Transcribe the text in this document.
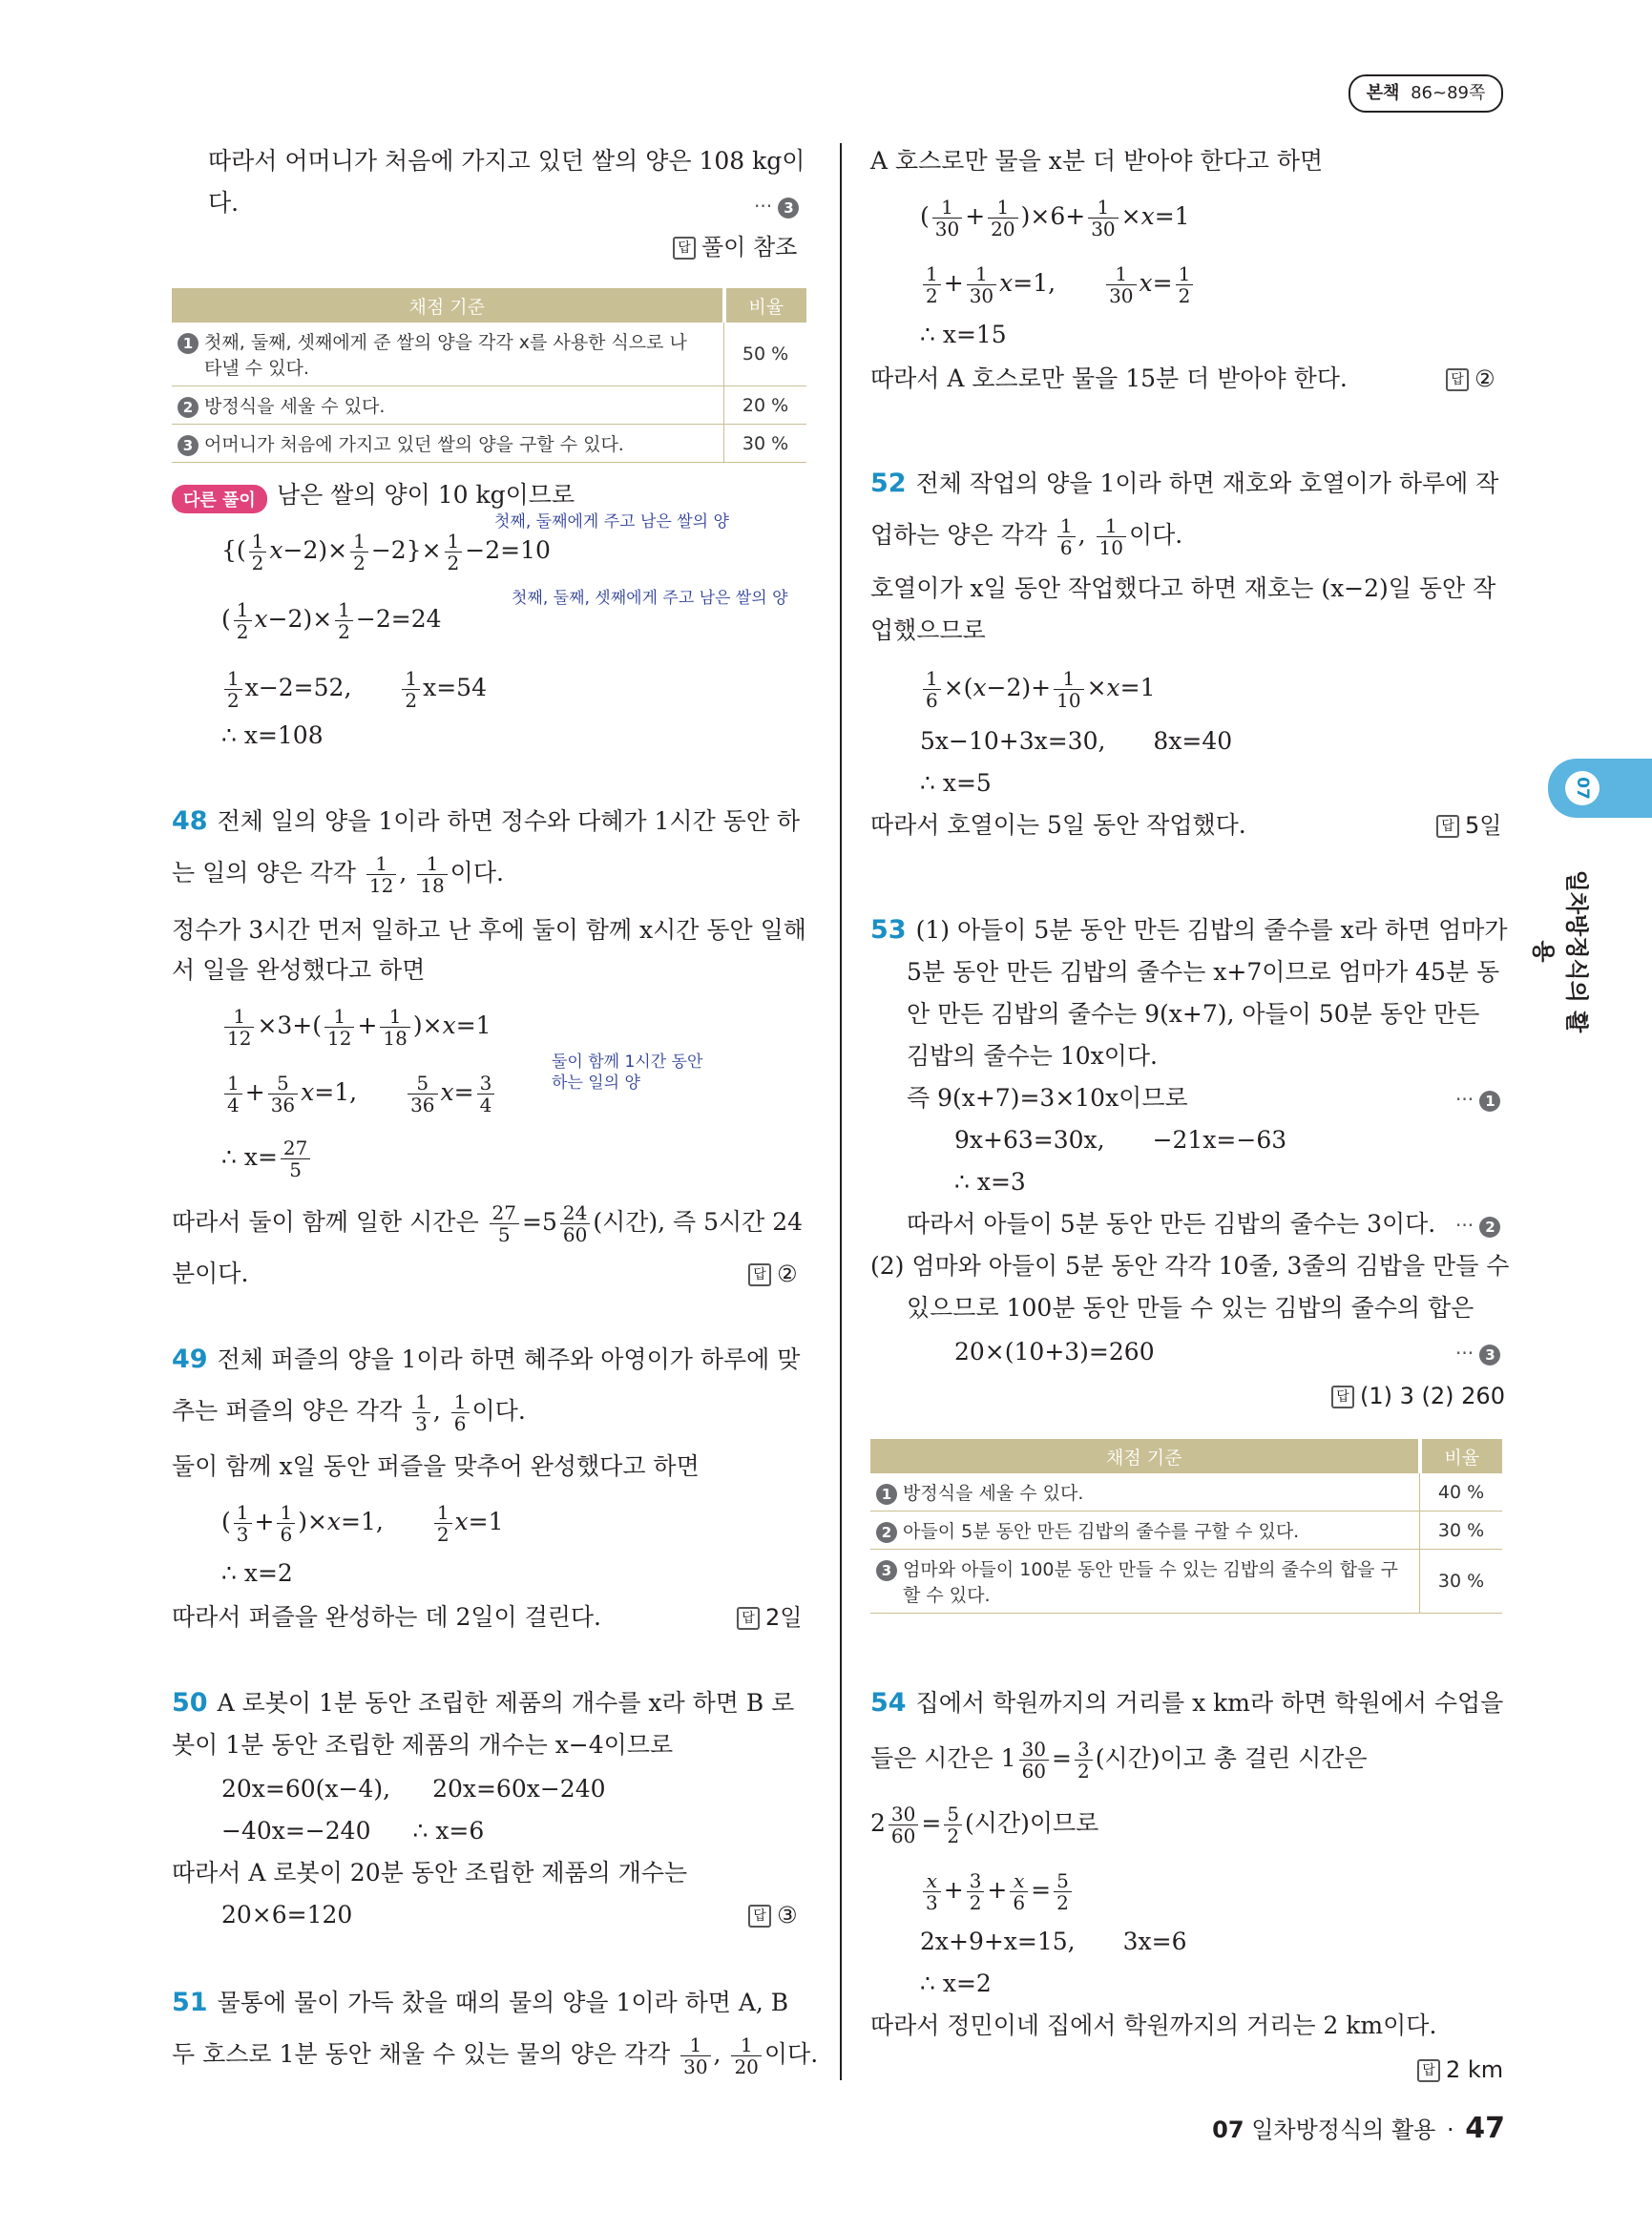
본책 86~89쪽
07
일차방정식의 활용
따라서 어머니가 처음에 가지고 있던 쌀의 양은 108 kg이
다.	··· 3
답 풀이 참조
채점 기준	비율
1 첫째, 둘째, 셋째에게 준 쌀의 양을 각각 x를 사용한 식으로 나
타낼 수 있다.	50 %
2 방정식을 세울 수 있다.	20 %
3 어머니가 처음에 가지고 있던 쌀의 양을 구할 수 있다.	30 %
다른 풀이 남은 쌀의 양이 10 kg이므로
첫째, 둘째에게 주고 남은 쌀의 양
{( $\frac{1}{2} x-2)\times \frac{1}{2} -2\}\times \frac{1}{2} -2=10$
첫째, 둘째, 셋째에게 주고 남은 쌀의 양
( $\frac{1}{2} x-2)\times \frac{1}{2} -2=24$
$\frac{1}{2} x-2=52$,	$\frac{1}{2} x=54$
∴ x=108
48 전체 일의 양을 1이라 하면 정수와 다혜가 1시간 동안 하
는 일의 양은 각각 $\frac{1}{12}$ , $\frac{1}{18}$ 이다.
정수가 3시간 먼저 일하고 난 후에 둘이 함께 x시간 동안 일해
서 일을 완성했다고 하면
$\frac{1}{12} \times 3+( \frac{1}{12} + \frac{1}{18} )\times x=1$
둘이 함께 1시간 동안
하는 일의 양
$\frac{1}{4} + \frac{5}{36} x=1$,	$\frac{5}{36} x= \frac{3}{4}$
∴ $x= \frac{27}{5}$
따라서 둘이 함께 일한 시간은 $\frac{27}{5} =5 \frac{24}{60}$ (시간), 즉 5시간 24
분이다.	답 ②
49 전체 퍼즐의 양을 1이라 하면 혜주와 아영이가 하루에 맞
추는 퍼즐의 양은 각각 $\frac{1}{3}$ , $\frac{1}{6}$ 이다.
둘이 함께 x일 동안 퍼즐을 맞추어 완성했다고 하면
( $\frac{1}{3} + \frac{1}{6} )\times x=1$,	$\frac{1}{2} x=1$
∴ x=2
따라서 퍼즐을 완성하는 데 2일이 걸린다.	답 2일
50 A 로봇이 1분 동안 조립한 제품의 개수를 x라 하면 B 로
봇이 1분 동안 조립한 제품의 개수는 x−4이므로
20x=60(x−4), 20x=60x−240
−40x=−240 ∴ x=6
따라서 A 로봇이 20분 동안 조립한 제품의 개수는
20×6=120	답 ③
51 물통에 물이 가득 찼을 때의 물의 양을 1이라 하면 A, B
두 호스로 1분 동안 채울 수 있는 물의 양은 각각 $\frac{1}{30}$ , $\frac{1}{20}$ 이다.
A 호스로만 물을 x분 더 받아야 한다고 하면
( $\frac{1}{30} + \frac{1}{20} )\times 6+ \frac{1}{30} \times x=1$
$\frac{1}{2} + \frac{1}{30} x=1$,	$\frac{1}{30} x= \frac{1}{2}$
∴ x=15
따라서 A 호스로만 물을 15분 더 받아야 한다.	답 ②
52 전체 작업의 양을 1이라 하면 재호와 호열이가 하루에 작
업하는 양은 각각 $\frac{1}{6}$ , $\frac{1}{10}$ 이다.
호열이가 x일 동안 작업했다고 하면 재호는 (x−2)일 동안 작
업했으므로
$\frac{1}{6} \times(x-2)+ \frac{1}{10} \times x=1$
5x−10+3x=30, 8x=40
∴ x=5
따라서 호열이는 5일 동안 작업했다.	답 5일
53 (1) 아들이 5분 동안 만든 김밥의 줄수를 x라 하면 엄마가
5분 동안 만든 김밥의 줄수는 x+7이므로 엄마가 45분 동
안 만든 김밥의 줄수는 9(x+7), 아들이 50분 동안 만든
김밥의 줄수는 10x이다.
즉 9(x+7)=3×10x이므로	··· 1
9x+63=30x, −21x=−63
∴ x=3
따라서 아들이 5분 동안 만든 김밥의 줄수는 3이다. ··· 2
(2) 엄마와 아들이 5분 동안 각각 10줄, 3줄의 김밥을 만들 수
있으므로 100분 동안 만들 수 있는 김밥의 줄수의 합은
20×(10+3)=260	··· 3
답 (1) 3 (2) 260
채점 기준	비율
1 방정식을 세울 수 있다.	40 %
2 아들이 5분 동안 만든 김밥의 줄수를 구할 수 있다.	30 %
3 엄마와 아들이 100분 동안 만들 수 있는 김밥의 줄수의 합을 구
할 수 있다.	30 %
54 집에서 학원까지의 거리를 x km라 하면 학원에서 수업을
들은 시간은 $1 \frac{30}{60} = \frac{3}{2}$ (시간)이고 총 걸린 시간은
$2 \frac{30}{60} = \frac{5}{2}$ (시간)이므로
$\frac{x}{3} + \frac{3}{2} + \frac{x}{6} = \frac{5}{2}$
2x+9+x=15, 3x=6
∴ x=2
따라서 정민이네 집에서 학원까지의 거리는 2 km이다.
답 2 km
07 일차방정식의 활용 · 47
